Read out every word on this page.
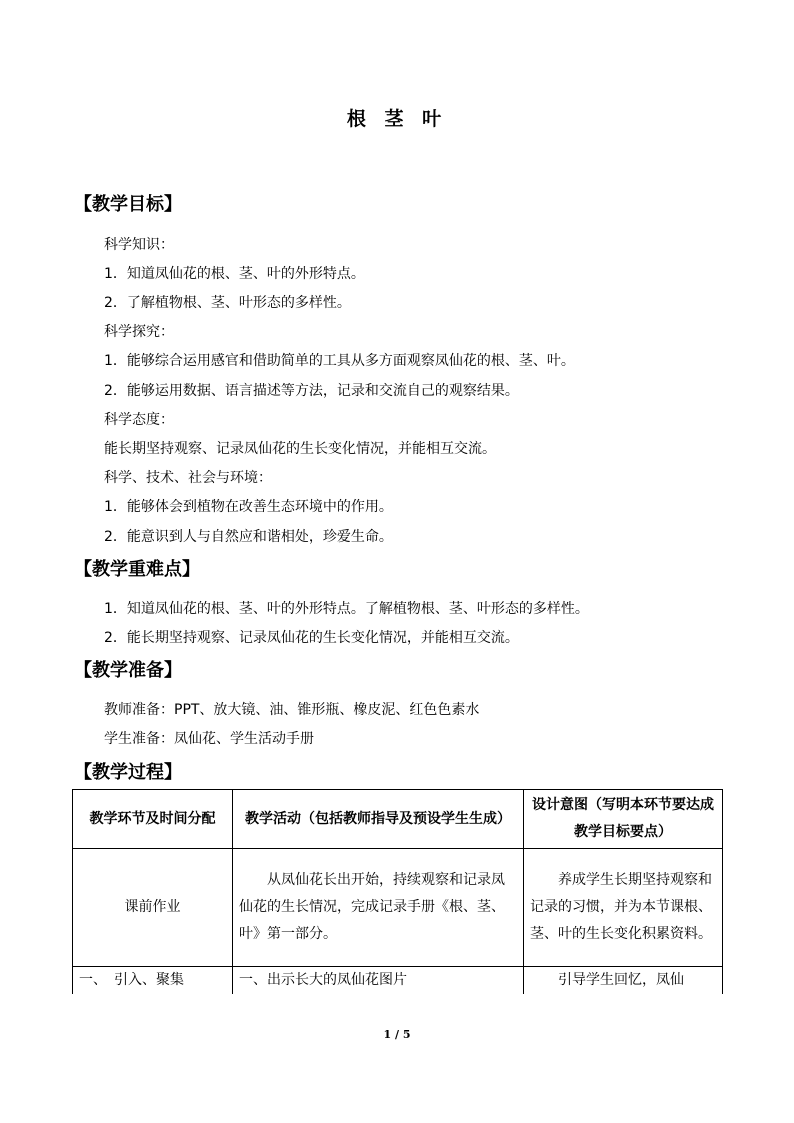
根 茎 叶
【教学目标】
科学知识：
1．知道凤仙花的根、茎、叶的外形特点。
2．了解植物根、茎、叶形态的多样性。
科学探究：
1．能够综合运用感官和借助简单的工具从多方面观察凤仙花的根、茎、叶。
2．能够运用数据、语言描述等方法，记录和交流自己的观察结果。
科学态度：
能长期坚持观察、记录凤仙花的生长变化情况，并能相互交流。
科学、技术、社会与环境：
1．能够体会到植物在改善生态环境中的作用。
2．能意识到人与自然应和谐相处，珍爱生命。
【教学重难点】
1．知道凤仙花的根、茎、叶的外形特点。了解植物根、茎、叶形态的多样性。
2．能长期坚持观察、记录凤仙花的生长变化情况，并能相互交流。
【教学准备】
教师准备：PPT、放大镜、油、锥形瓶、橡皮泥、红色色素水
学生准备：凤仙花、学生活动手册
【教学过程】
教学环节及时间分配	教学活动（包括教师指导及预设学生生成）	设计意图（写明本环节要达成教学目标要点）
课前作业	从凤仙花长出开始，持续观察和记录凤仙花的生长情况，完成记录手册《根、茎、叶》第一部分。	养成学生长期坚持观察和记录的习惯，并为本节课根、茎、叶的生长变化积累资料。
一、　引入、聚集	一、出示长大的凤仙花图片	引导学生回忆，凤仙
1 / 5
